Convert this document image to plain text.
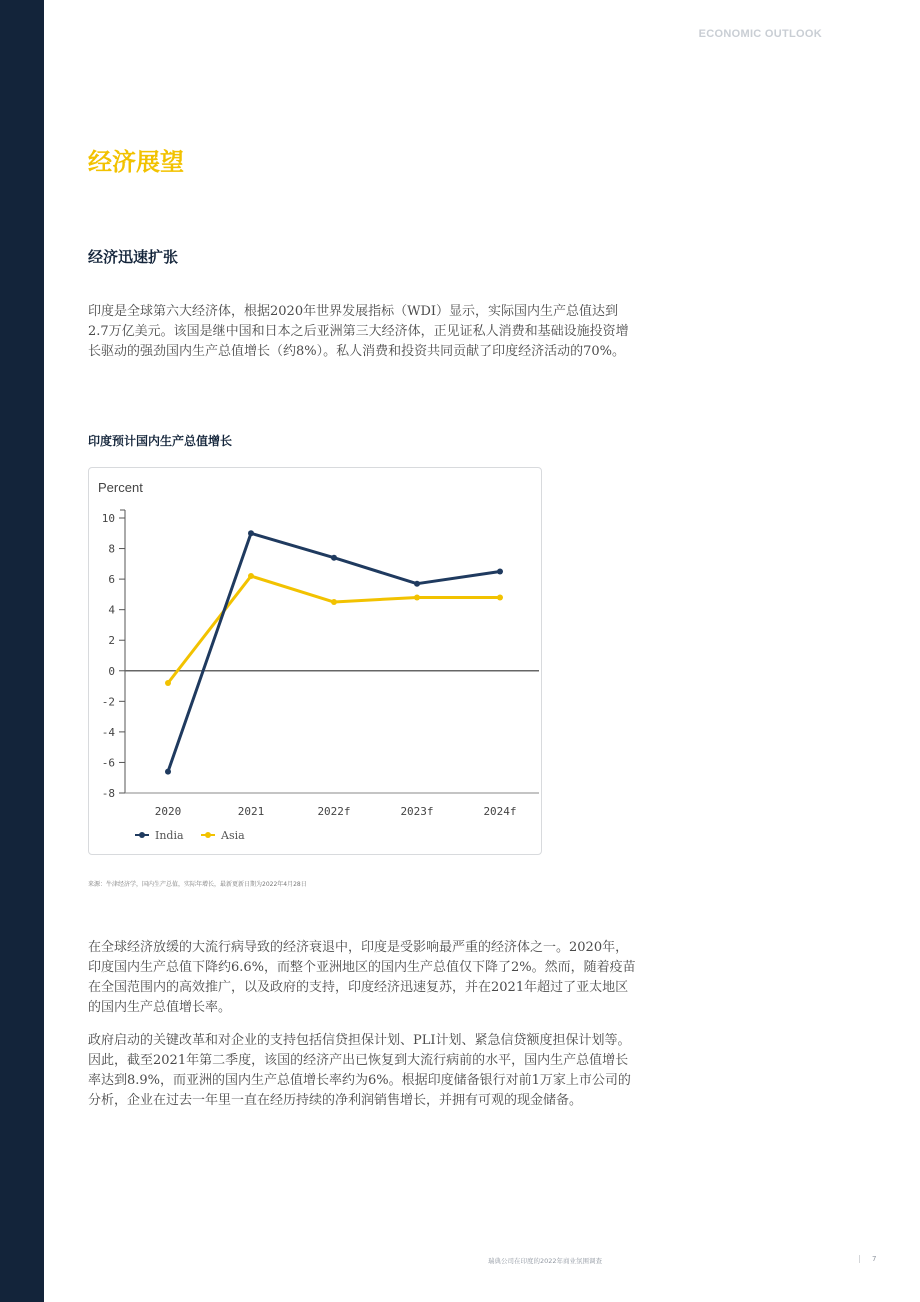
ECONOMIC OUTLOOK
经济展望
经济迅速扩张
印度是全球第六大经济体，根据2020年世界发展指标（WDI）显示，实际国内生产总值达到2.7万亿美元。该国是继中国和日本之后亚洲第三大经济体，正见证私人消费和基础设施投资增长驱动的强劲国内生产总值增长（约8%）。私人消费和投资共同贡献了印度经济活动的70%。
印度预计国内生产总值增长
Percent
10
8
6
4
2
0
-2
-4
-6
-8
2020	2021	2022f	2023f	2024f
India	Asia
来源：牛津经济学，国内生产总值，实际年增长，最新更新日期为2022年4月28日
在全球经济放缓的大流行病导致的经济衰退中，印度是受影响最严重的经济体之一。2020年，印度国内生产总值下降约6.6%，而整个亚洲地区的国内生产总值仅下降了2%。然而，随着疫苗在全国范围内的高效推广，以及政府的支持，印度经济迅速复苏，并在2021年超过了亚太地区的国内生产总值增长率。
政府启动的关键改革和对企业的支持包括信贷担保计划、PLI计划、紧急信贷额度担保计划等。因此，截至2021年第二季度，该国的经济产出已恢复到大流行病前的水平，国内生产总值增长率达到8.9%，而亚洲的国内生产总值增长率约为6%。根据印度储备银行对前1万家上市公司的分析，企业在过去一年里一直在经历持续的净利润销售增长，并拥有可观的现金储备。
瑞典公司在印度的2022年商业氛围调查	| 7
